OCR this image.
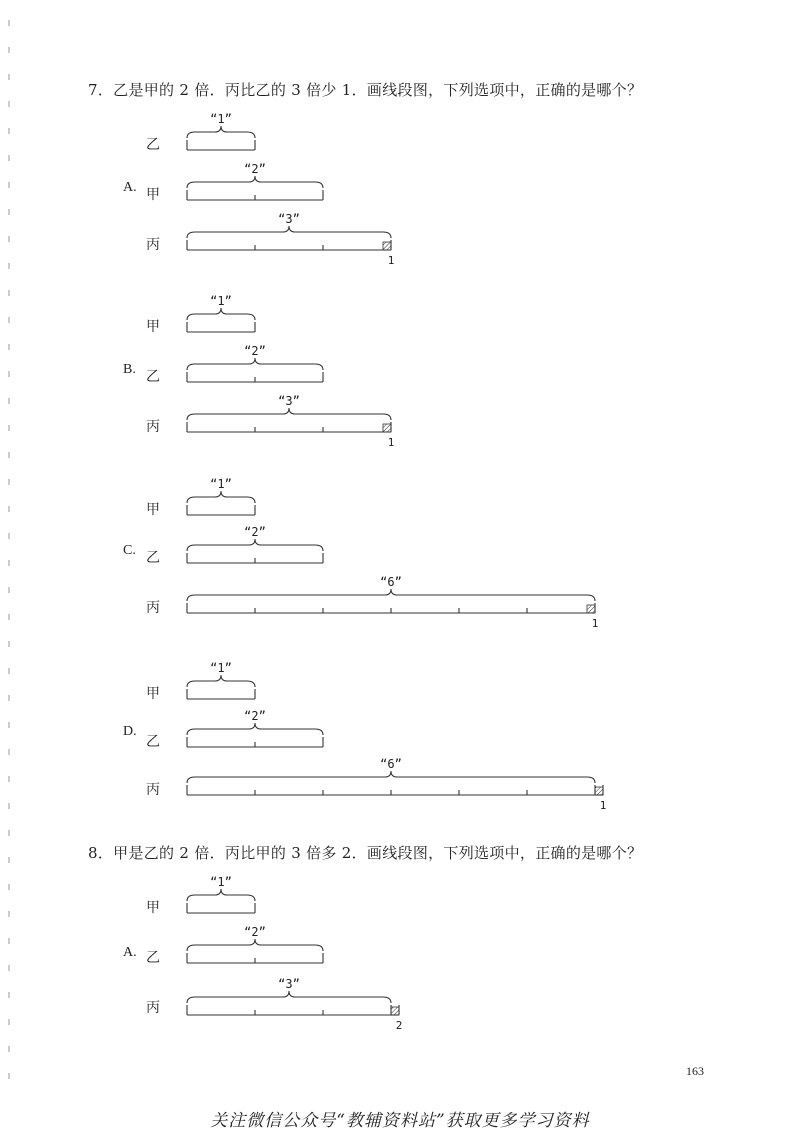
7．乙是甲的 2 倍．丙比乙的 3 倍少 1．画线段图，下列选项中，正确的是哪个？
8．甲是乙的 2 倍．丙比甲的 3 倍多 2．画线段图，下列选项中，正确的是哪个？
A.
B.
C.
D.
A.
乙
甲
丙
甲
乙
丙
甲
乙
丙
甲
乙
丙
甲
乙
丙
“1”
“2”
“3”
1
“1”
“2”
“3”
1
“1”
“2”
“6”
1
“1”
“2”
“6”
1
“1”
“2”
“3”
2
163
关注微信公众号“教辅资料站”获取更多学习资料
